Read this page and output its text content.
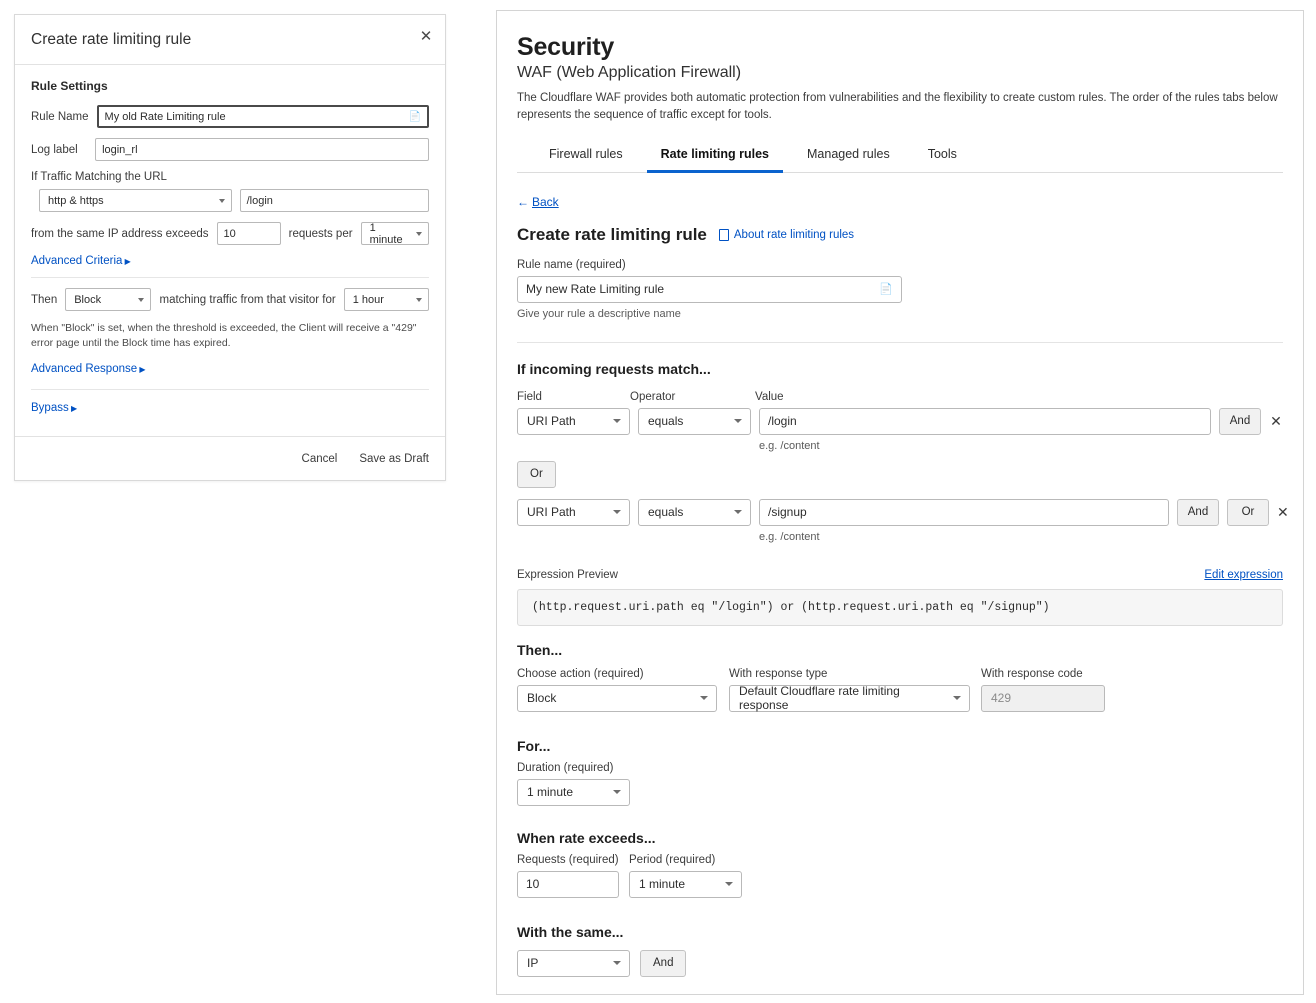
Create rate limiting rule	✕
Rule Settings
Rule Name My old Rate Limiting rule	📄
Log label	login_rl
If Traffic Matching the URL
http & https	/login
from the same IP address exceeds 10	requests per 1 minute
Advanced Criteria ▶
Then Block	matching traffic from that visitor for 1 hour
When "Block" is set, when the threshold is exceeded, the Client will receive a "429" error page until the Block time has expired.
Advanced Response ▶
Bypass ▶
Cancel Save as Draft
Security
WAF (Web Application Firewall)
The Cloudflare WAF provides both automatic protection from vulnerabilities and the flexibility to create custom rules. The order of the rules tabs below represents the sequence of traffic except for tools.
Firewall rules	Rate limiting rules	Managed rules	Tools
← Back
Create rate limiting rule About rate limiting rules
Rule name (required)
My new Rate Limiting rule	📄
Give your rule a descriptive name
If incoming requests match...
Field	Operator	Value
URI Path	equals	/login
e.g. /content
And	✕
Or
URI Path	equals	/signup
e.g. /content
And	Or	✕
Expression Preview	Edit expression
(http.request.uri.path eq "/login") or (http.request.uri.path eq "/signup")
Then...
Choose action (required)
Block
With response type
Default Cloudflare rate limiting response
With response code
429
For...
Duration (required)
1 minute
When rate exceeds...
Requests (required)
10
Period (required)
1 minute
With the same...
IP	And
